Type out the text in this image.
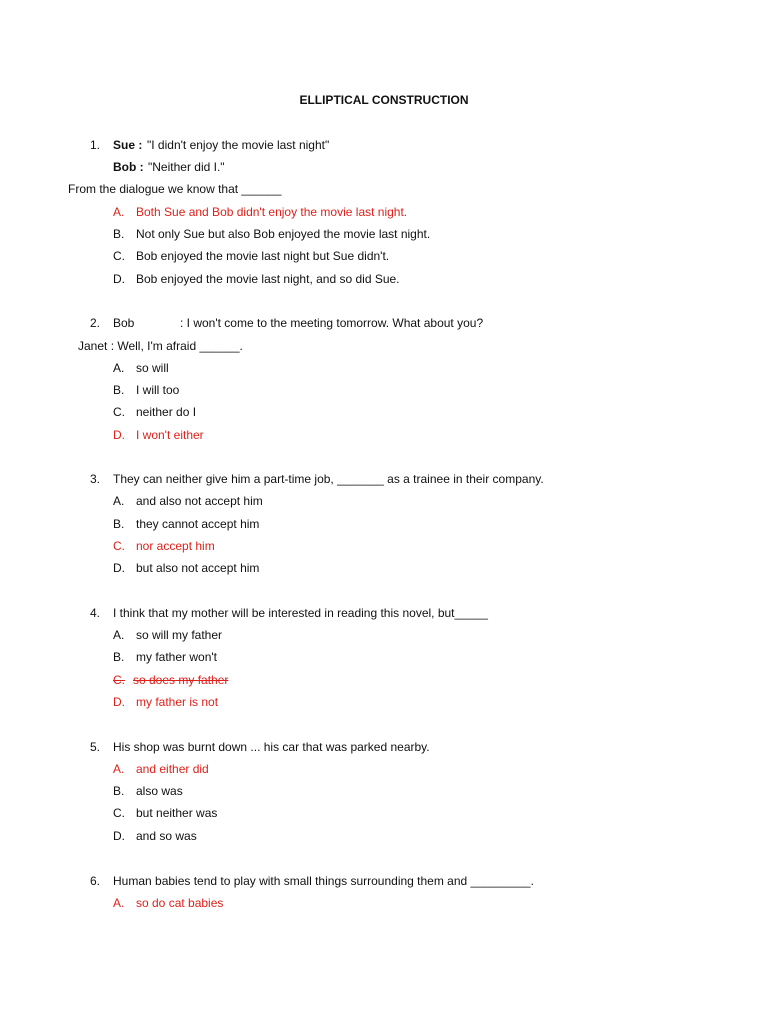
ELLIPTICAL CONSTRUCTION
1. Sue : "I didn't enjoy the movie last night"
Bob : "Neither did I."
From the dialogue we know that ______
A. Both Sue and Bob didn't enjoy the movie last night.
B. Not only Sue but also Bob enjoyed the movie last night.
C. Bob enjoyed the movie last night but Sue didn't.
D. Bob enjoyed the movie last night, and so did Sue.
2. Bob	: I won't come to the meeting tomorrow. What about you?
Janet : Well, I'm afraid ______.
A. so will
B. I will too
C. neither do I
D. I won't either
3. They can neither give him a part-time job, _______ as a trainee in their company.
A. and also not accept him
B. they cannot accept him
C. nor accept him
D. but also not accept him
4. I think that my mother will be interested in reading this novel, but_____
A. so will my father
B. my father won't
C. so does my father
D. my father is not
5. His shop was burnt down ... his car that was parked nearby.
A. and either did
B. also was
C. but neither was
D. and so was
6. Human babies tend to play with small things surrounding them and _________.
A. so do cat babies
